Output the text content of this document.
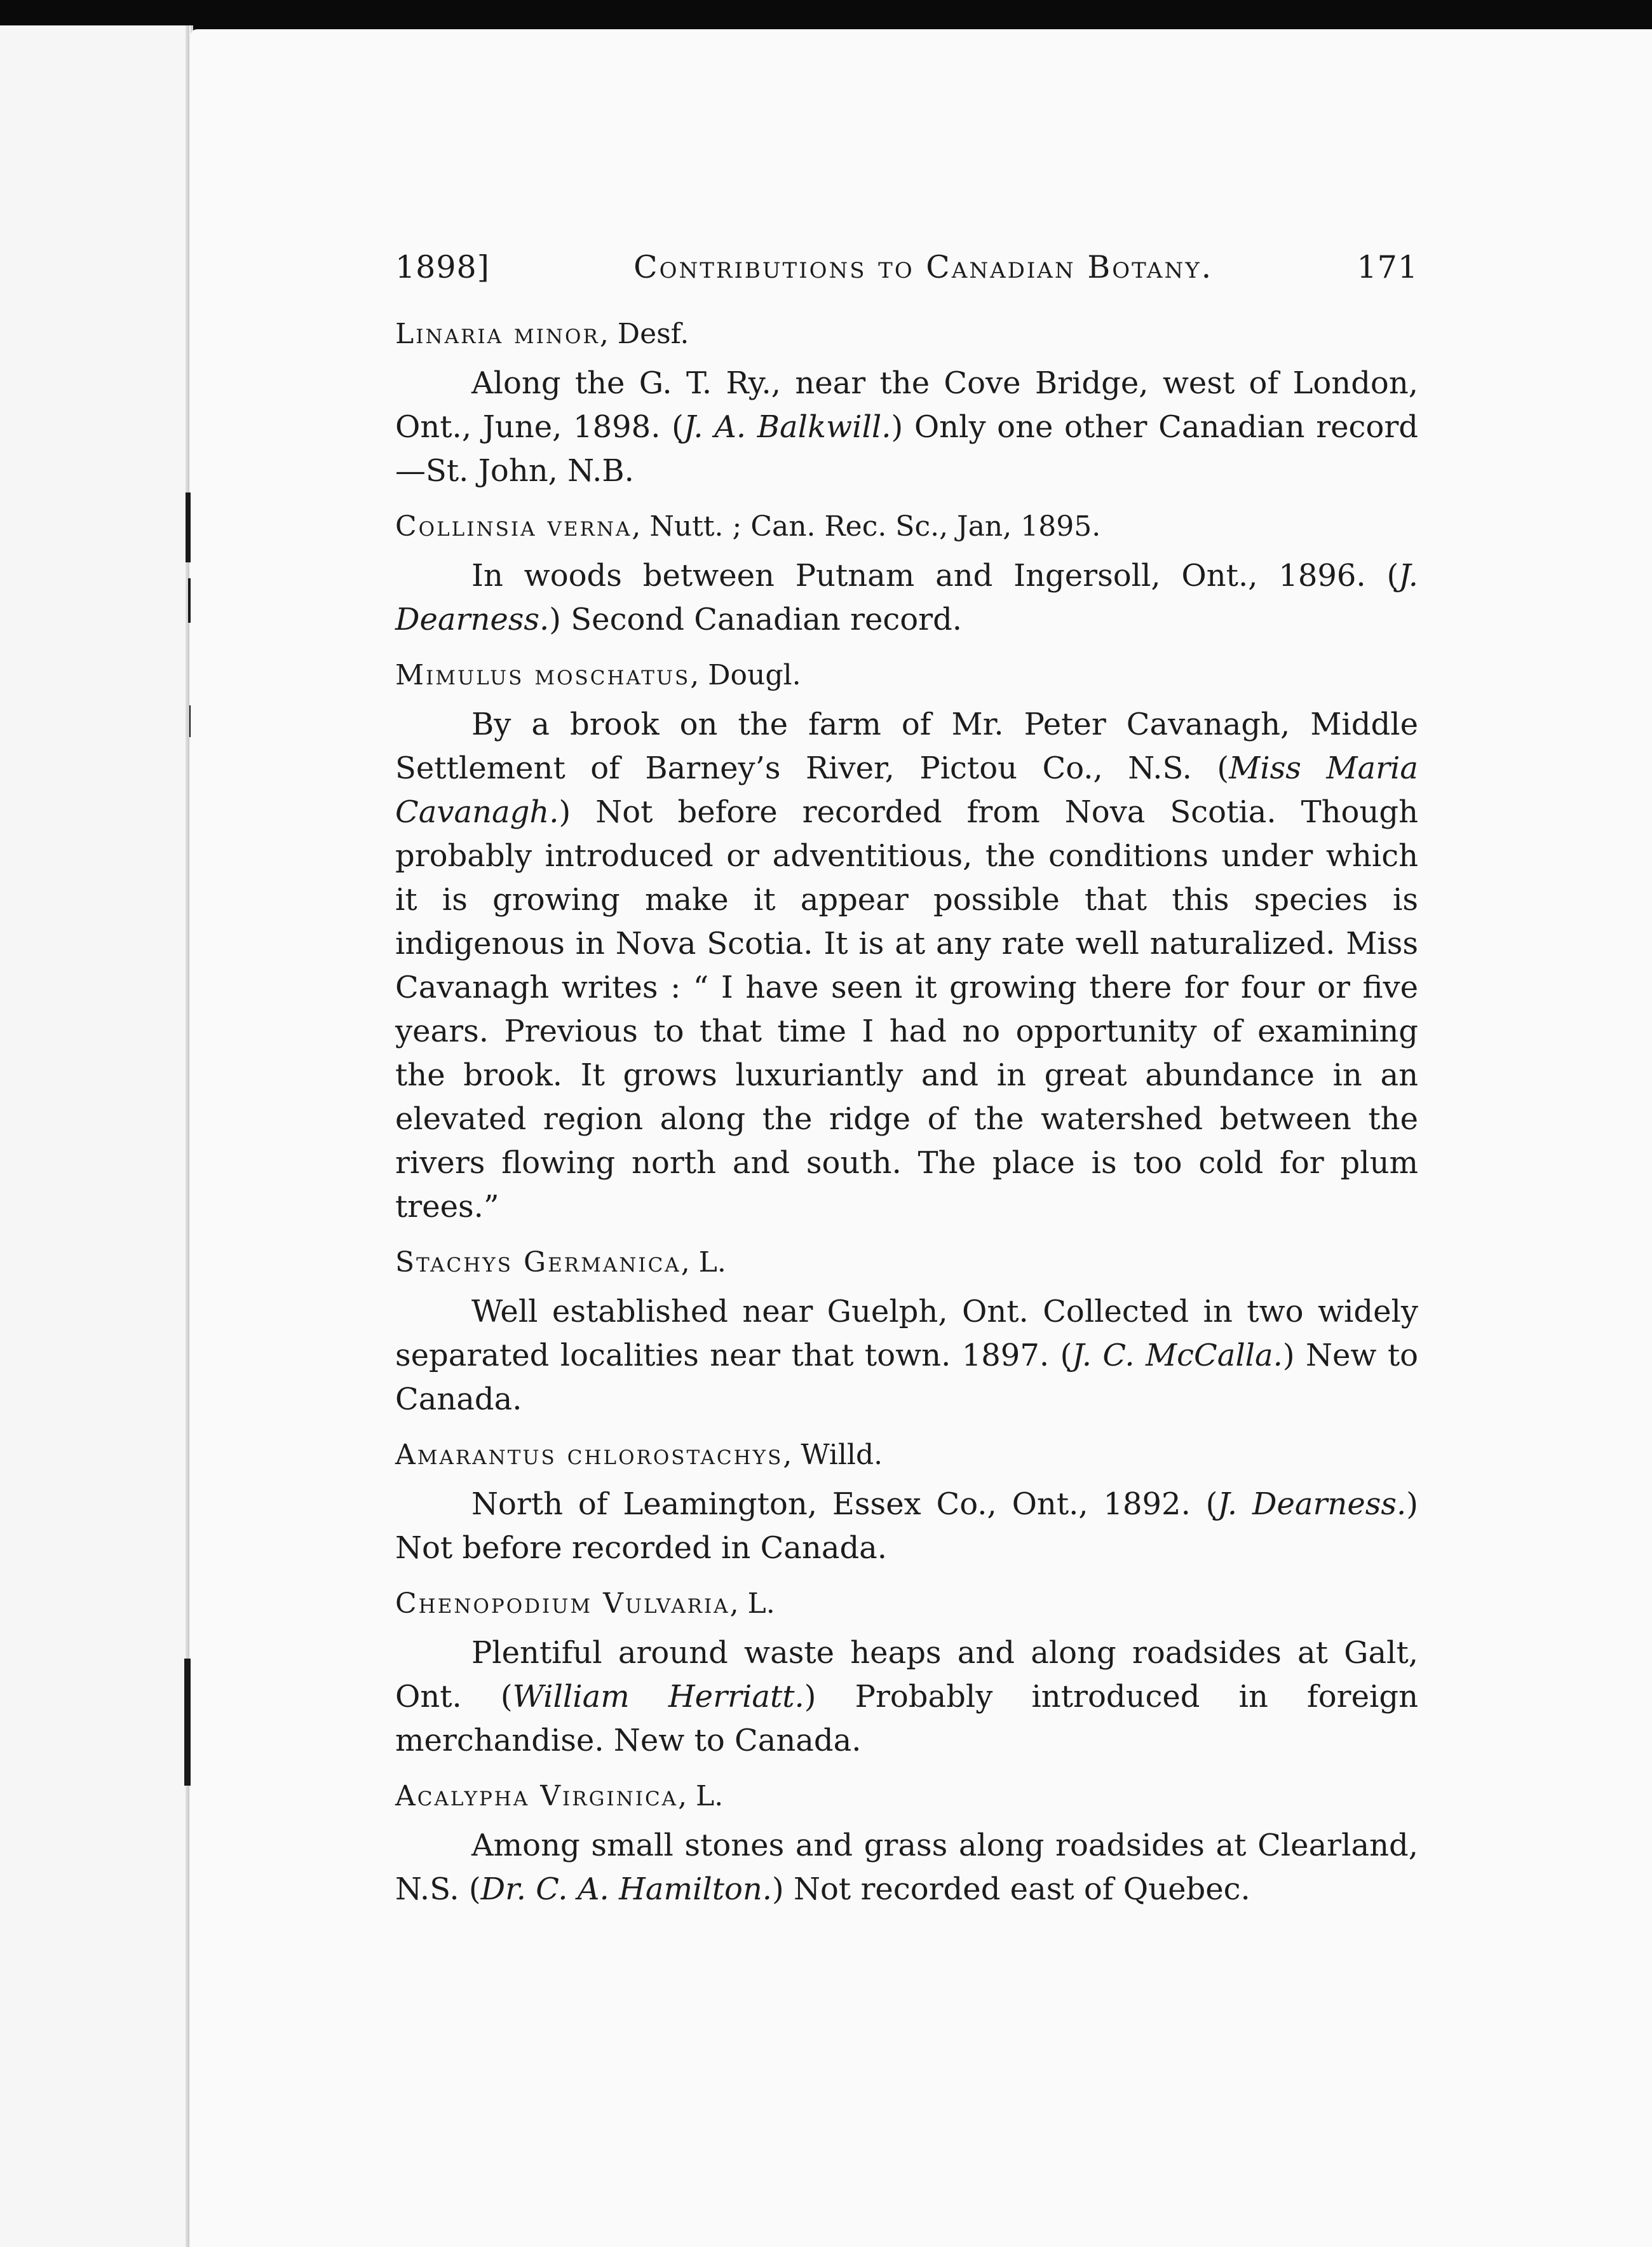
1898]	Contributions to Canadian Botany.	171

Linaria minor, Desf.

Along the G. T. Ry., near the Cove Bridge, west of London, Ont., June, 1898. (J. A. Balkwill.) Only one other Canadian record—St. John, N.B.

Collinsia verna, Nutt. ; Can. Rec. Sc., Jan, 1895.

In woods between Putnam and Ingersoll, Ont., 1896. (J. Dearness.) Second Canadian record.

Mimulus moschatus, Dougl.

By a brook on the farm of Mr. Peter Cavanagh, Middle Settlement of Barney’s River, Pictou Co., N.S. (Miss Maria Cavanagh.) Not before recorded from Nova Scotia. Though probably introduced or adventitious, the conditions under which it is growing make it appear possible that this species is indigenous in Nova Scotia. It is at any rate well naturalized. Miss Cavanagh writes : “ I have seen it growing there for four or five years. Previous to that time I had no opportunity of examining the brook. It grows luxuriantly and in great abundance in an elevated region along the ridge of the watershed between the rivers flowing north and south. The place is too cold for plum trees.”

Stachys Germanica, L.

Well established near Guelph, Ont. Collected in two widely separated localities near that town. 1897. (J. C. McCalla.) New to Canada.

Amarantus chlorostachys, Willd.

North of Leamington, Essex Co., Ont., 1892. (J. Dearness.) Not before recorded in Canada.

Chenopodium Vulvaria, L.

Plentiful around waste heaps and along roadsides at Galt, Ont. (William Herriatt.) Probably introduced in foreign merchandise. New to Canada.

Acalypha Virginica, L.

Among small stones and grass along roadsides at Clearland, N.S. (Dr. C. A. Hamilton.) Not recorded east of Quebec.
